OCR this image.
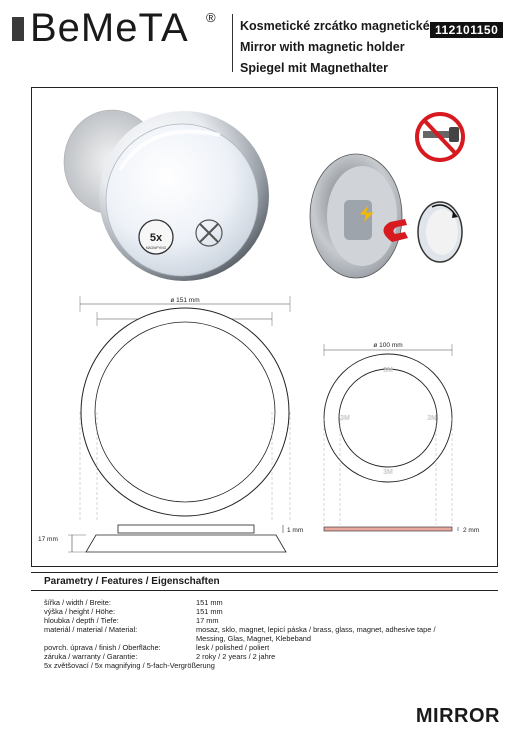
BeMeTA ®
Kosmetické zrcátko magnetické
Mirror with magnetic holder
Spiegel mit Magnethalter
112101150
5x
MAGNIFYING
ø 151 mm
17 mm
1 mm
ø 100 mm
3M
3M
3M
3M
2 mm
Parametry / Features / Eigenschaften
šířka / width / Breite:	151 mm
výška / height / Höhe:	151 mm
hloubka / depth / Tiefe:	17 mm
materiál / material / Material:	mosaz, sklo, magnet, lepicí páska / brass, glass, magnet, adhesive tape /
Messing, Glas, Magnet, Klebeband
povrch. úprava / finish / Oberfläche:	lesk / polished / poliert
záruka / warranty / Garantie:	2 roky / 2 years / 2 jahre
5x zvětšovací / 5x magnifying / 5-fach-Vergrößerung
MIRROR
